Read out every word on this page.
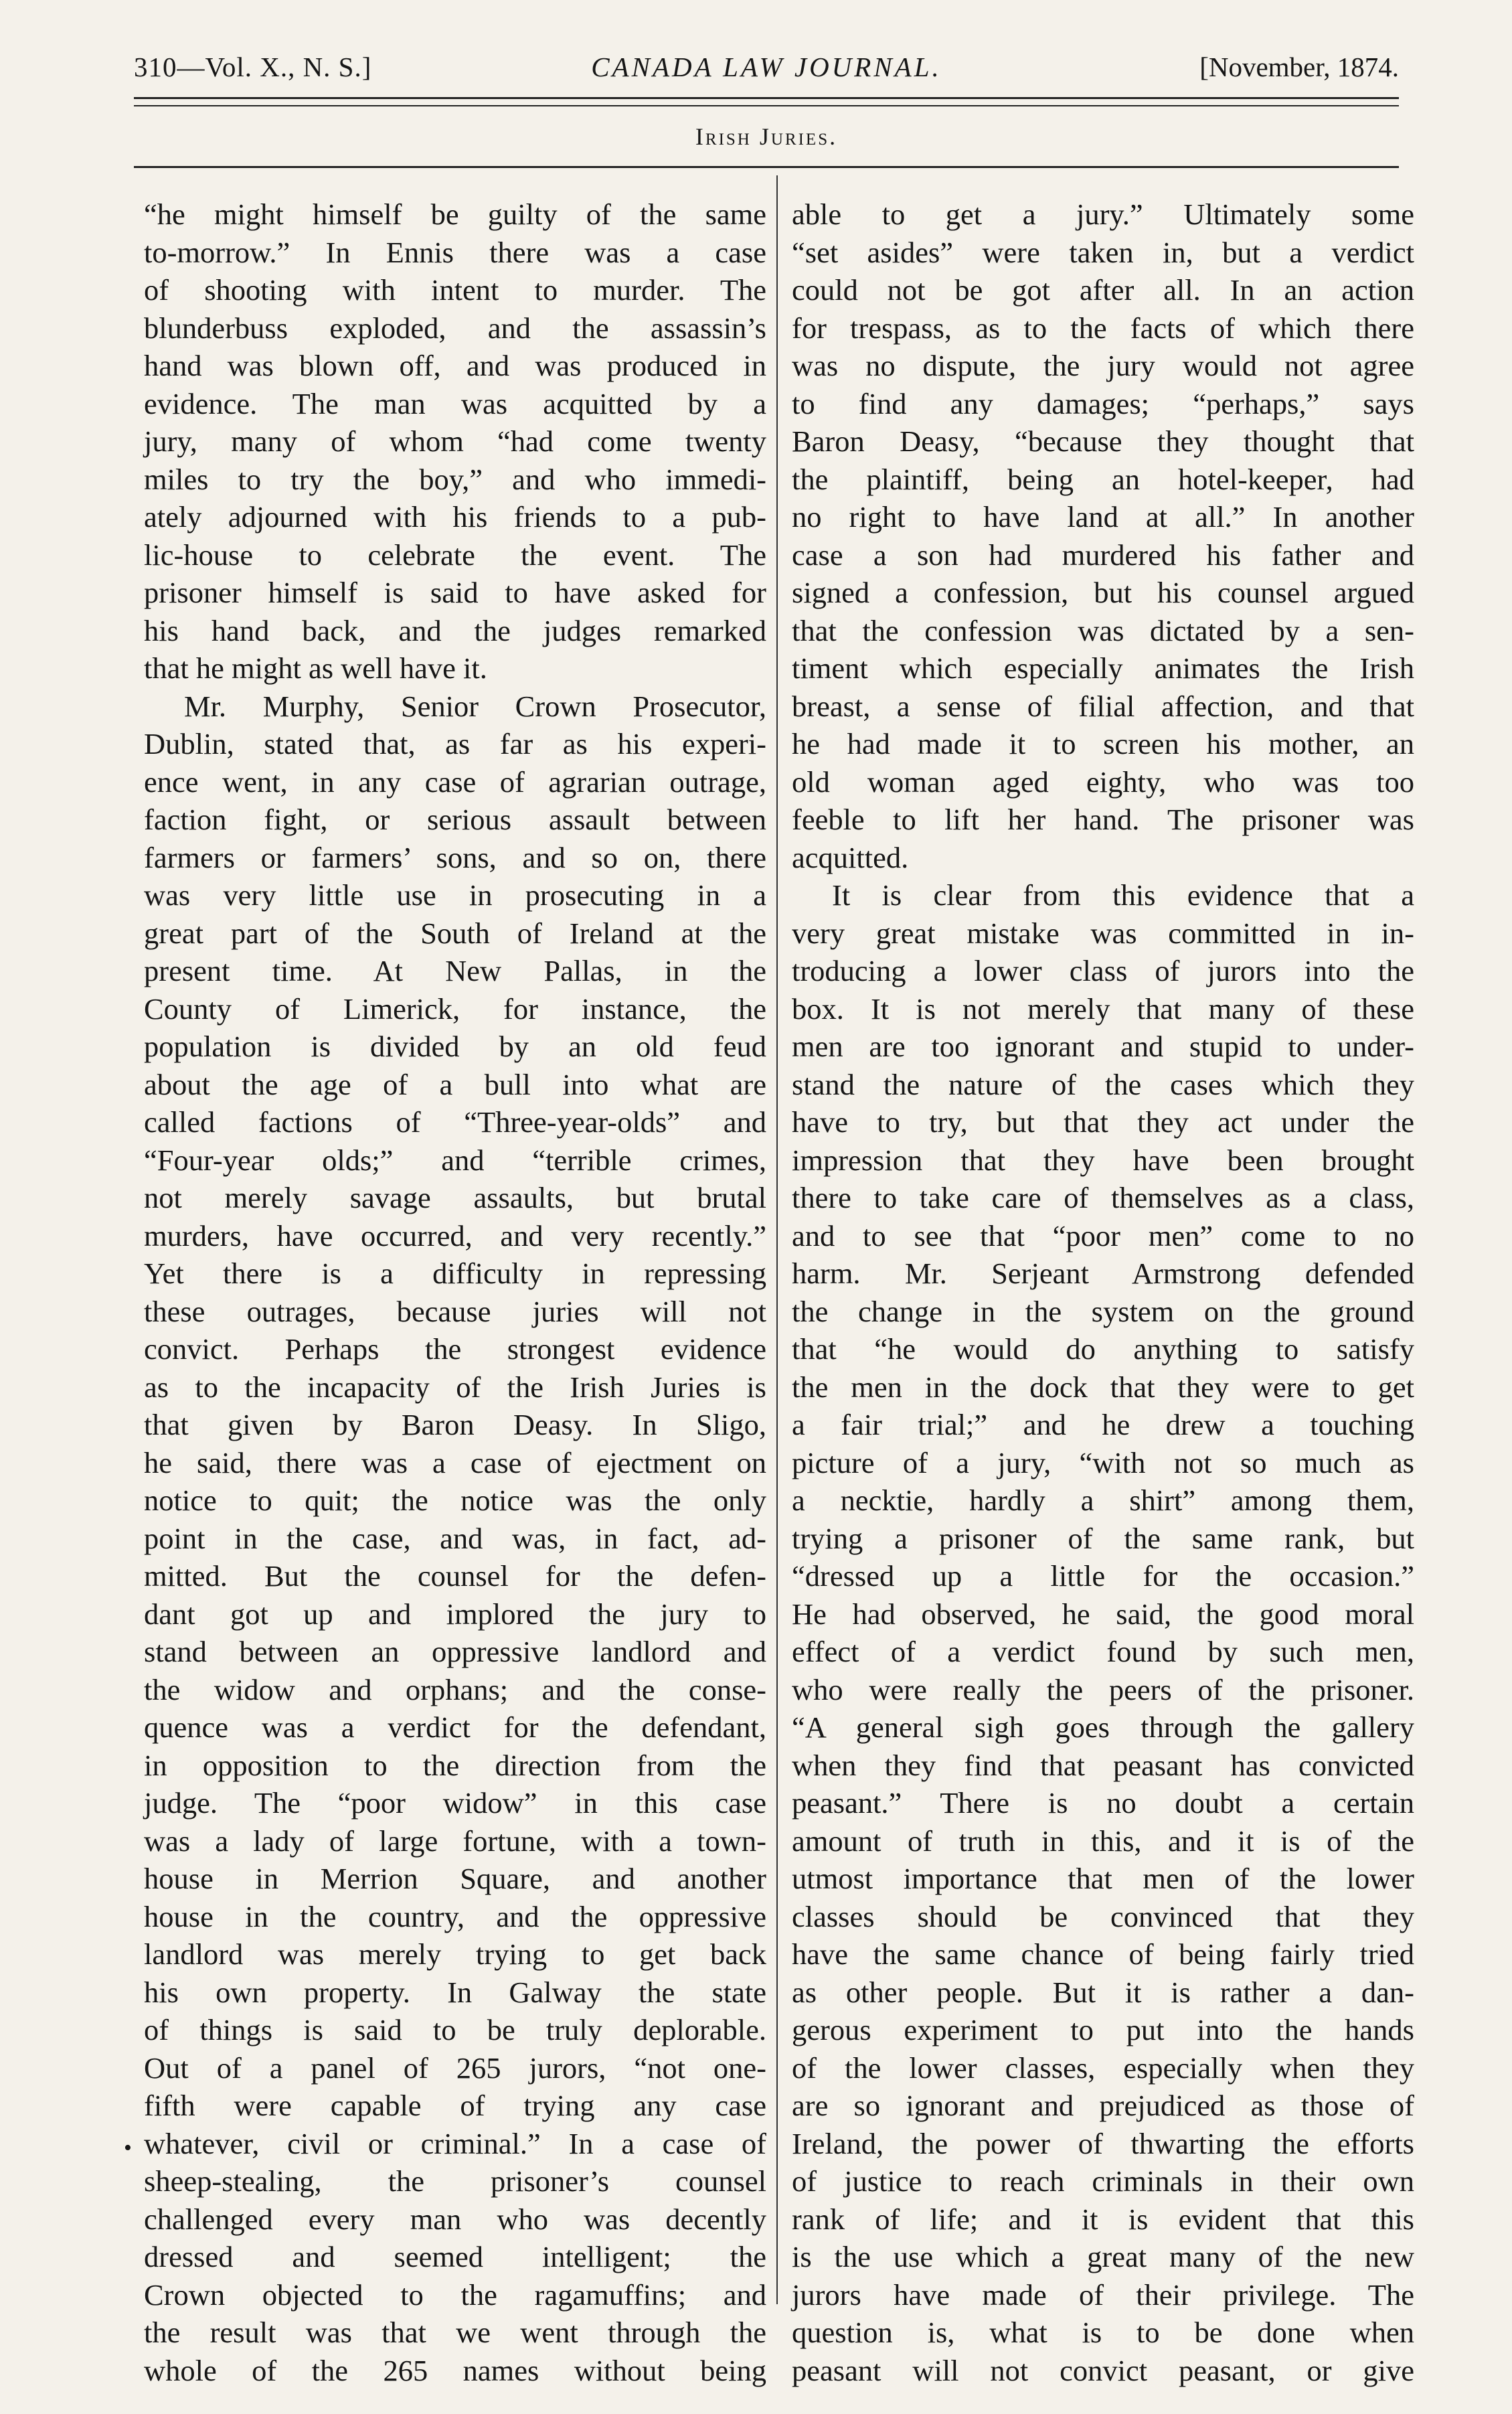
310—Vol. X., N. S.]	CANADA LAW JOURNAL.	[November, 1874.
Irish Juries.

“he might himself be guilty of the same

to-morrow.” In Ennis there was a case

of shooting with intent to murder. The

blunderbuss exploded, and the assassin’s

hand was blown off, and was produced in

evidence. The man was acquitted by a

jury, many of whom “had come twenty

miles to try the boy,” and who immedi-

ately adjourned with his friends to a pub-

lic-house to celebrate the event. The

prisoner himself is said to have asked for

his hand back, and the judges remarked

that he might as well have it.

Mr. Murphy, Senior Crown Prosecutor,

Dublin, stated that, as far as his experi-

ence went, in any case of agrarian outrage,

faction fight, or serious assault between

farmers or farmers’ sons, and so on, there

was very little use in prosecuting in a

great part of the South of Ireland at the

present time. At New Pallas, in the

County of Limerick, for instance, the

population is divided by an old feud

about the age of a bull into what are

called factions of “Three-year-olds” and

“Four-year olds;” and “terrible crimes,

not merely savage assaults, but brutal

murders, have occurred, and very recently.”

Yet there is a difficulty in repressing

these outrages, because juries will not

convict. Perhaps the strongest evidence

as to the incapacity of the Irish Juries is

that given by Baron Deasy. In Sligo,

he said, there was a case of ejectment on

notice to quit; the notice was the only

point in the case, and was, in fact, ad-

mitted. But the counsel for the defen-

dant got up and implored the jury to

stand between an oppressive landlord and

the widow and orphans; and the conse-

quence was a verdict for the defendant,

in opposition to the direction from the

judge. The “poor widow” in this case

was a lady of large fortune, with a town-

house in Merrion Square, and another

house in the country, and the oppressive

landlord was merely trying to get back

his own property. In Galway the state

of things is said to be truly deplorable.

Out of a panel of 265 jurors, “not one-

fifth were capable of trying any case

whatever, civil or criminal.” In a case of

sheep-stealing, the prisoner’s counsel

challenged every man who was decently

dressed and seemed intelligent; the

Crown objected to the ragamuffins; and

the result was that we went through the

whole of the 265 names without being

able to get a jury.” Ultimately some

“set asides” were taken in, but a verdict

could not be got after all. In an action

for trespass, as to the facts of which there

was no dispute, the jury would not agree

to find any damages; “perhaps,” says

Baron Deasy, “because they thought that

the plaintiff, being an hotel-keeper, had

no right to have land at all.” In another

case a son had murdered his father and

signed a confession, but his counsel argued

that the confession was dictated by a sen-

timent which especially animates the Irish

breast, a sense of filial affection, and that

he had made it to screen his mother, an

old woman aged eighty, who was too

feeble to lift her hand. The prisoner was

acquitted.

It is clear from this evidence that a

very great mistake was committed in in-

troducing a lower class of jurors into the

box. It is not merely that many of these

men are too ignorant and stupid to under-

stand the nature of the cases which they

have to try, but that they act under the

impression that they have been brought

there to take care of themselves as a class,

and to see that “poor men” come to no

harm. Mr. Serjeant Armstrong defended

the change in the system on the ground

that “he would do anything to satisfy

the men in the dock that they were to get

a fair trial;” and he drew a touching

picture of a jury, “with not so much as

a necktie, hardly a shirt” among them,

trying a prisoner of the same rank, but

“dressed up a little for the occasion.”

He had observed, he said, the good moral

effect of a verdict found by such men,

who were really the peers of the prisoner.

“A general sigh goes through the gallery

when they find that peasant has convicted

peasant.” There is no doubt a certain

amount of truth in this, and it is of the

utmost importance that men of the lower

classes should be convinced that they

have the same chance of being fairly tried

as other people. But it is rather a dan-

gerous experiment to put into the hands

of the lower classes, especially when they

are so ignorant and prejudiced as those of

Ireland, the power of thwarting the efforts

of justice to reach criminals in their own

rank of life; and it is evident that this

is the use which a great many of the new

jurors have made of their privilege. The

question is, what is to be done when

peasant will not convict peasant, or give

•
